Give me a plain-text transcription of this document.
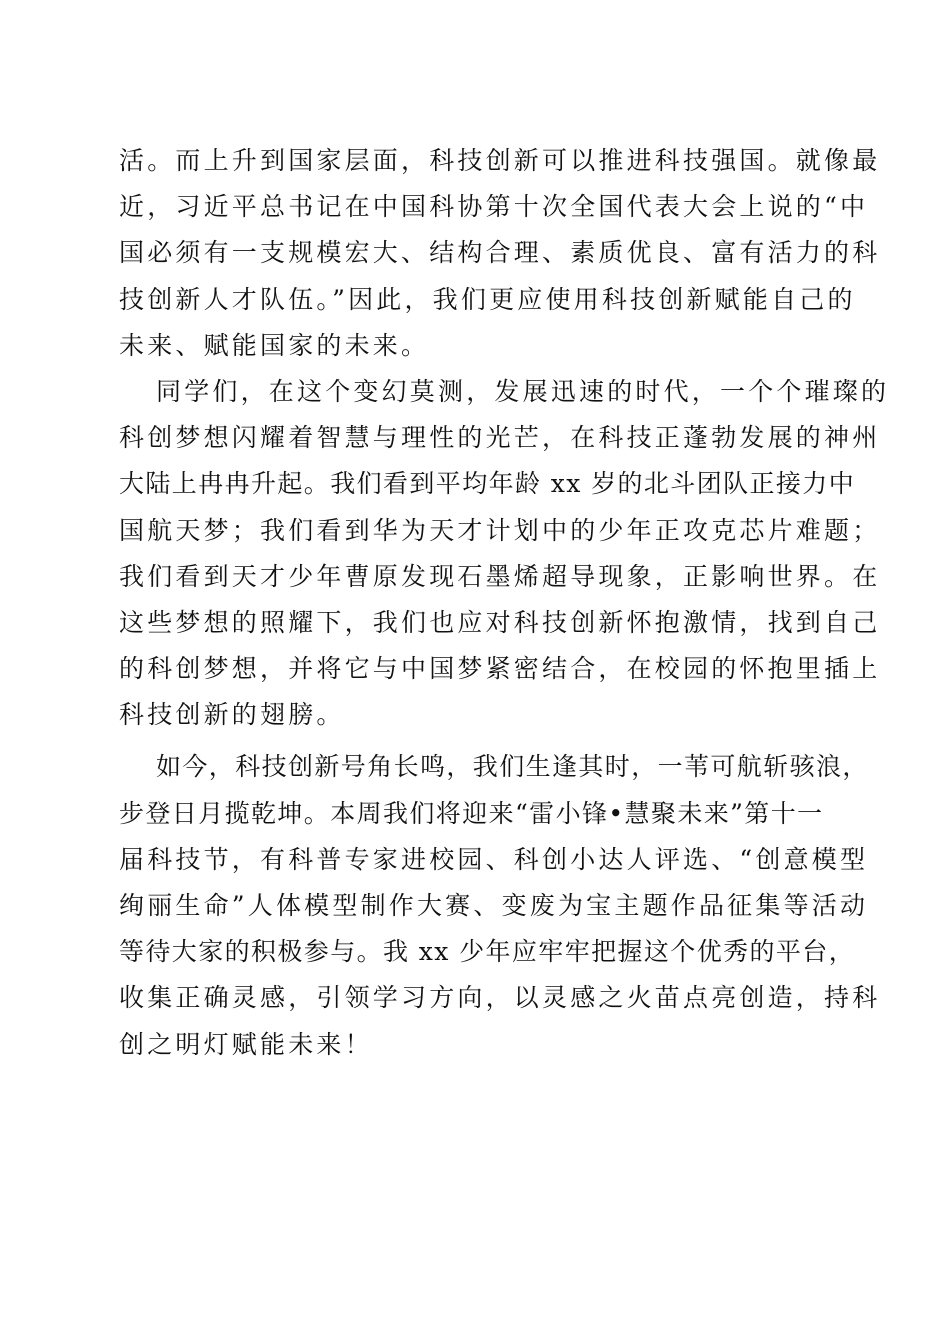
活。而上升到国家层面，科技创新可以推进科技强国。就像最
近，习近平总书记在中国科协第十次全国代表大会上说的“中
国必须有一支规模宏大、结构合理、素质优良、富有活力的科
技创新人才队伍。”因此，我们更应使用科技创新赋能自己的
未来、赋能国家的未来。
同学们，在这个变幻莫测，发展迅速的时代，一个个璀璨的
科创梦想闪耀着智慧与理性的光芒，在科技正蓬勃发展的神州
大陆上冉冉升起。我们看到平均年龄 xx 岁的北斗团队正接力中
国航天梦；我们看到华为天才计划中的少年正攻克芯片难题；
我们看到天才少年曹原发现石墨烯超导现象，正影响世界。在
这些梦想的照耀下，我们也应对科技创新怀抱激情，找到自己
的科创梦想，并将它与中国梦紧密结合，在校园的怀抱里插上
科技创新的翅膀。
如今，科技创新号角长鸣，我们生逢其时，一苇可航斩骇浪，
步登日月揽乾坤。本周我们将迎来“雷小锋•慧聚未来”第十一
届科技节，有科普专家进校园、科创小达人评选、“创意模型
绚丽生命”人体模型制作大赛、变废为宝主题作品征集等活动
等待大家的积极参与。我 xx 少年应牢牢把握这个优秀的平台，
收集正确灵感，引领学习方向，以灵感之火苗点亮创造，持科
创之明灯赋能未来！
